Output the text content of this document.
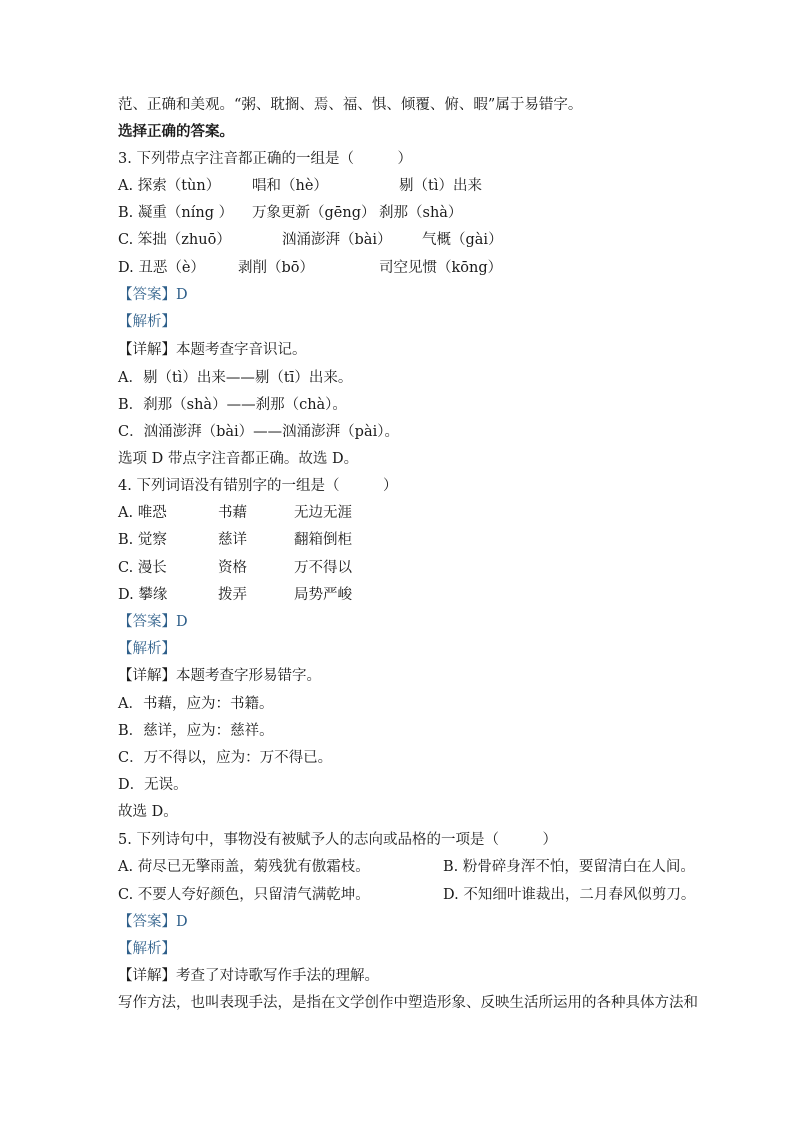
范、正确和美观。“粥、耽搁、焉、福、惧、倾覆、俯、暇”属于易错字。
选择正确的答案。
3. 下列带点字注音都正确的一组是（　　　）
A. 探索（tùn） 唱和（hè）	剔（tì）出来
B. 凝重（níng ） 万象更新（gēng） 刹那（shà）
C. 笨拙（zhuō）	汹涌澎湃（bài） 气概（gài）
D. 丑恶（è） 剥削（bō）	司空见惯（kōng）
【答案】D
【解析】
【详解】本题考查字音识记。
A．剔（tì）出来——剔（tī）出来。
B．刹那（shà）——刹那（chà）。
C．汹涌澎湃（bài）——汹涌澎湃（pài）。
选项 D 带点字注音都正确。故选 D。
4. 下列词语没有错别字的一组是（　　　）
A. 唯恐	书藉	无边无涯
B. 觉察	慈详	翻箱倒柜
C. 漫长	资格	万不得以
D. 攀缘	拨弄	局势严峻
【答案】D
【解析】
【详解】本题考查字形易错字。
A．书藉，应为：书籍。
B．慈详，应为：慈祥。
C．万不得以，应为：万不得已。
D．无误。
故选 D。
5. 下列诗句中，事物没有被赋予人的志向或品格的一项是（　　　）
A. 荷尽已无擎雨盖，菊残犹有傲霜枝。	B. 粉骨碎身浑不怕，要留清白在人间。
C. 不要人夸好颜色，只留清气满乾坤。	D. 不知细叶谁裁出，二月春风似剪刀。
【答案】D
【解析】
【详解】考查了对诗歌写作手法的理解。
写作方法，也叫表现手法，是指在文学创作中塑造形象、反映生活所运用的各种具体方法和
